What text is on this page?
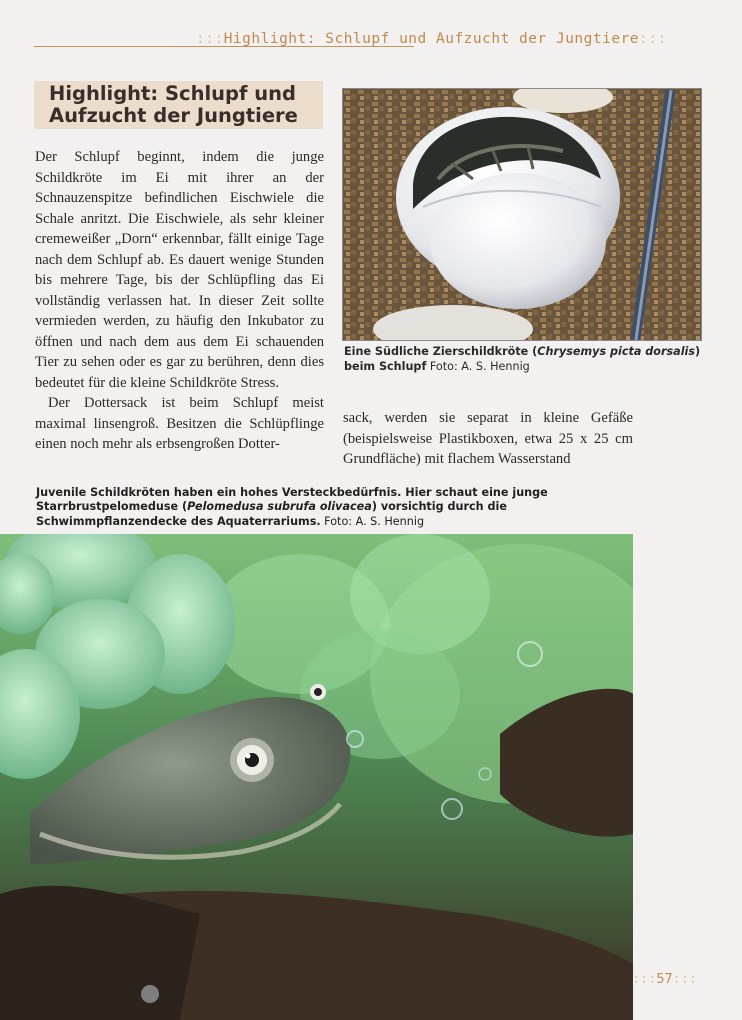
:::Highlight: Schlupf und Aufzucht der Jungtiere:::
Highlight: Schlupf und Aufzucht der Jungtiere

Der Schlupf beginnt, indem die junge Schildkröte im Ei mit ihrer an der Schnauzenspitze befindlichen Eischwiele die Schale anritzt. Die Eischwiele, als sehr kleiner cremeweißer „Dorn“ erkennbar, fällt einige Tage nach dem Schlupf ab. Es dauert wenige Stunden bis mehrere Tage, bis der Schlüpfling das Ei vollständig verlassen hat. In dieser Zeit sollte vermieden werden, zu häufig den Inkubator zu öffnen und nach dem aus dem Ei schauenden Tier zu sehen oder es gar zu berühren, denn dies bedeutet für die kleine Schildkröte Stress.

Der Dottersack ist beim Schlupf meist maximal linsengroß. Besitzen die Schlüpflinge einen noch mehr als erbsengroßen Dotter-

Eine Südliche Zierschildkröte (Chrysemys picta dorsalis) beim Schlupf Foto: A. S. Hennig
sack, werden sie separat in kleine Gefäße (beispielsweise Plastikboxen, etwa 25 x 25 cm Grundfläche) mit flachem Wasserstand
Juvenile Schildkröten haben ein hohes Versteckbedürfnis. Hier schaut eine junge Starrbrustpelomeduse (Pelomedusa subrufa olivacea) vorsichtig durch die Schwimmpflanzendecke des Aquaterrariums. Foto: A. S. Hennig
:::57:::
